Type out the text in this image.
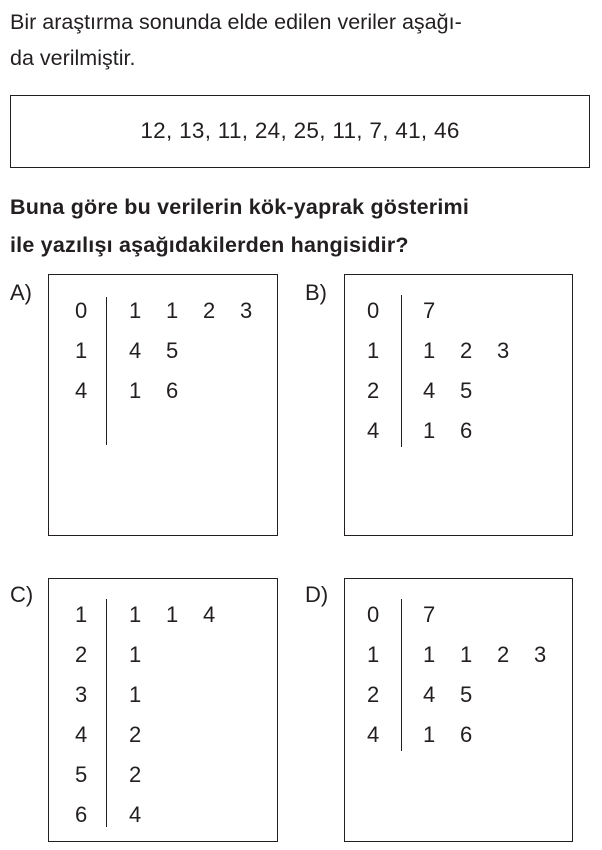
Bir araştırma sonunda elde edilen veriler aşağı-
da verilmiştir.

12, 13, 11, 24, 25, 11, 7, 41, 46

Buna göre bu verilerin kök-yaprak gösterimi
ile yazılışı aşağıdakilerden hangisidir?

A)
0 1 1 2 3
1 4 5
4 1 6
B)
0 7
1 1 2 3
2 4 5
4 1 6
C)
1 1 1 4
2 1
3 1
4 2
5 2
6 4
D)
0 7
1 1 1 2 3
2 4 5
4 1 6
